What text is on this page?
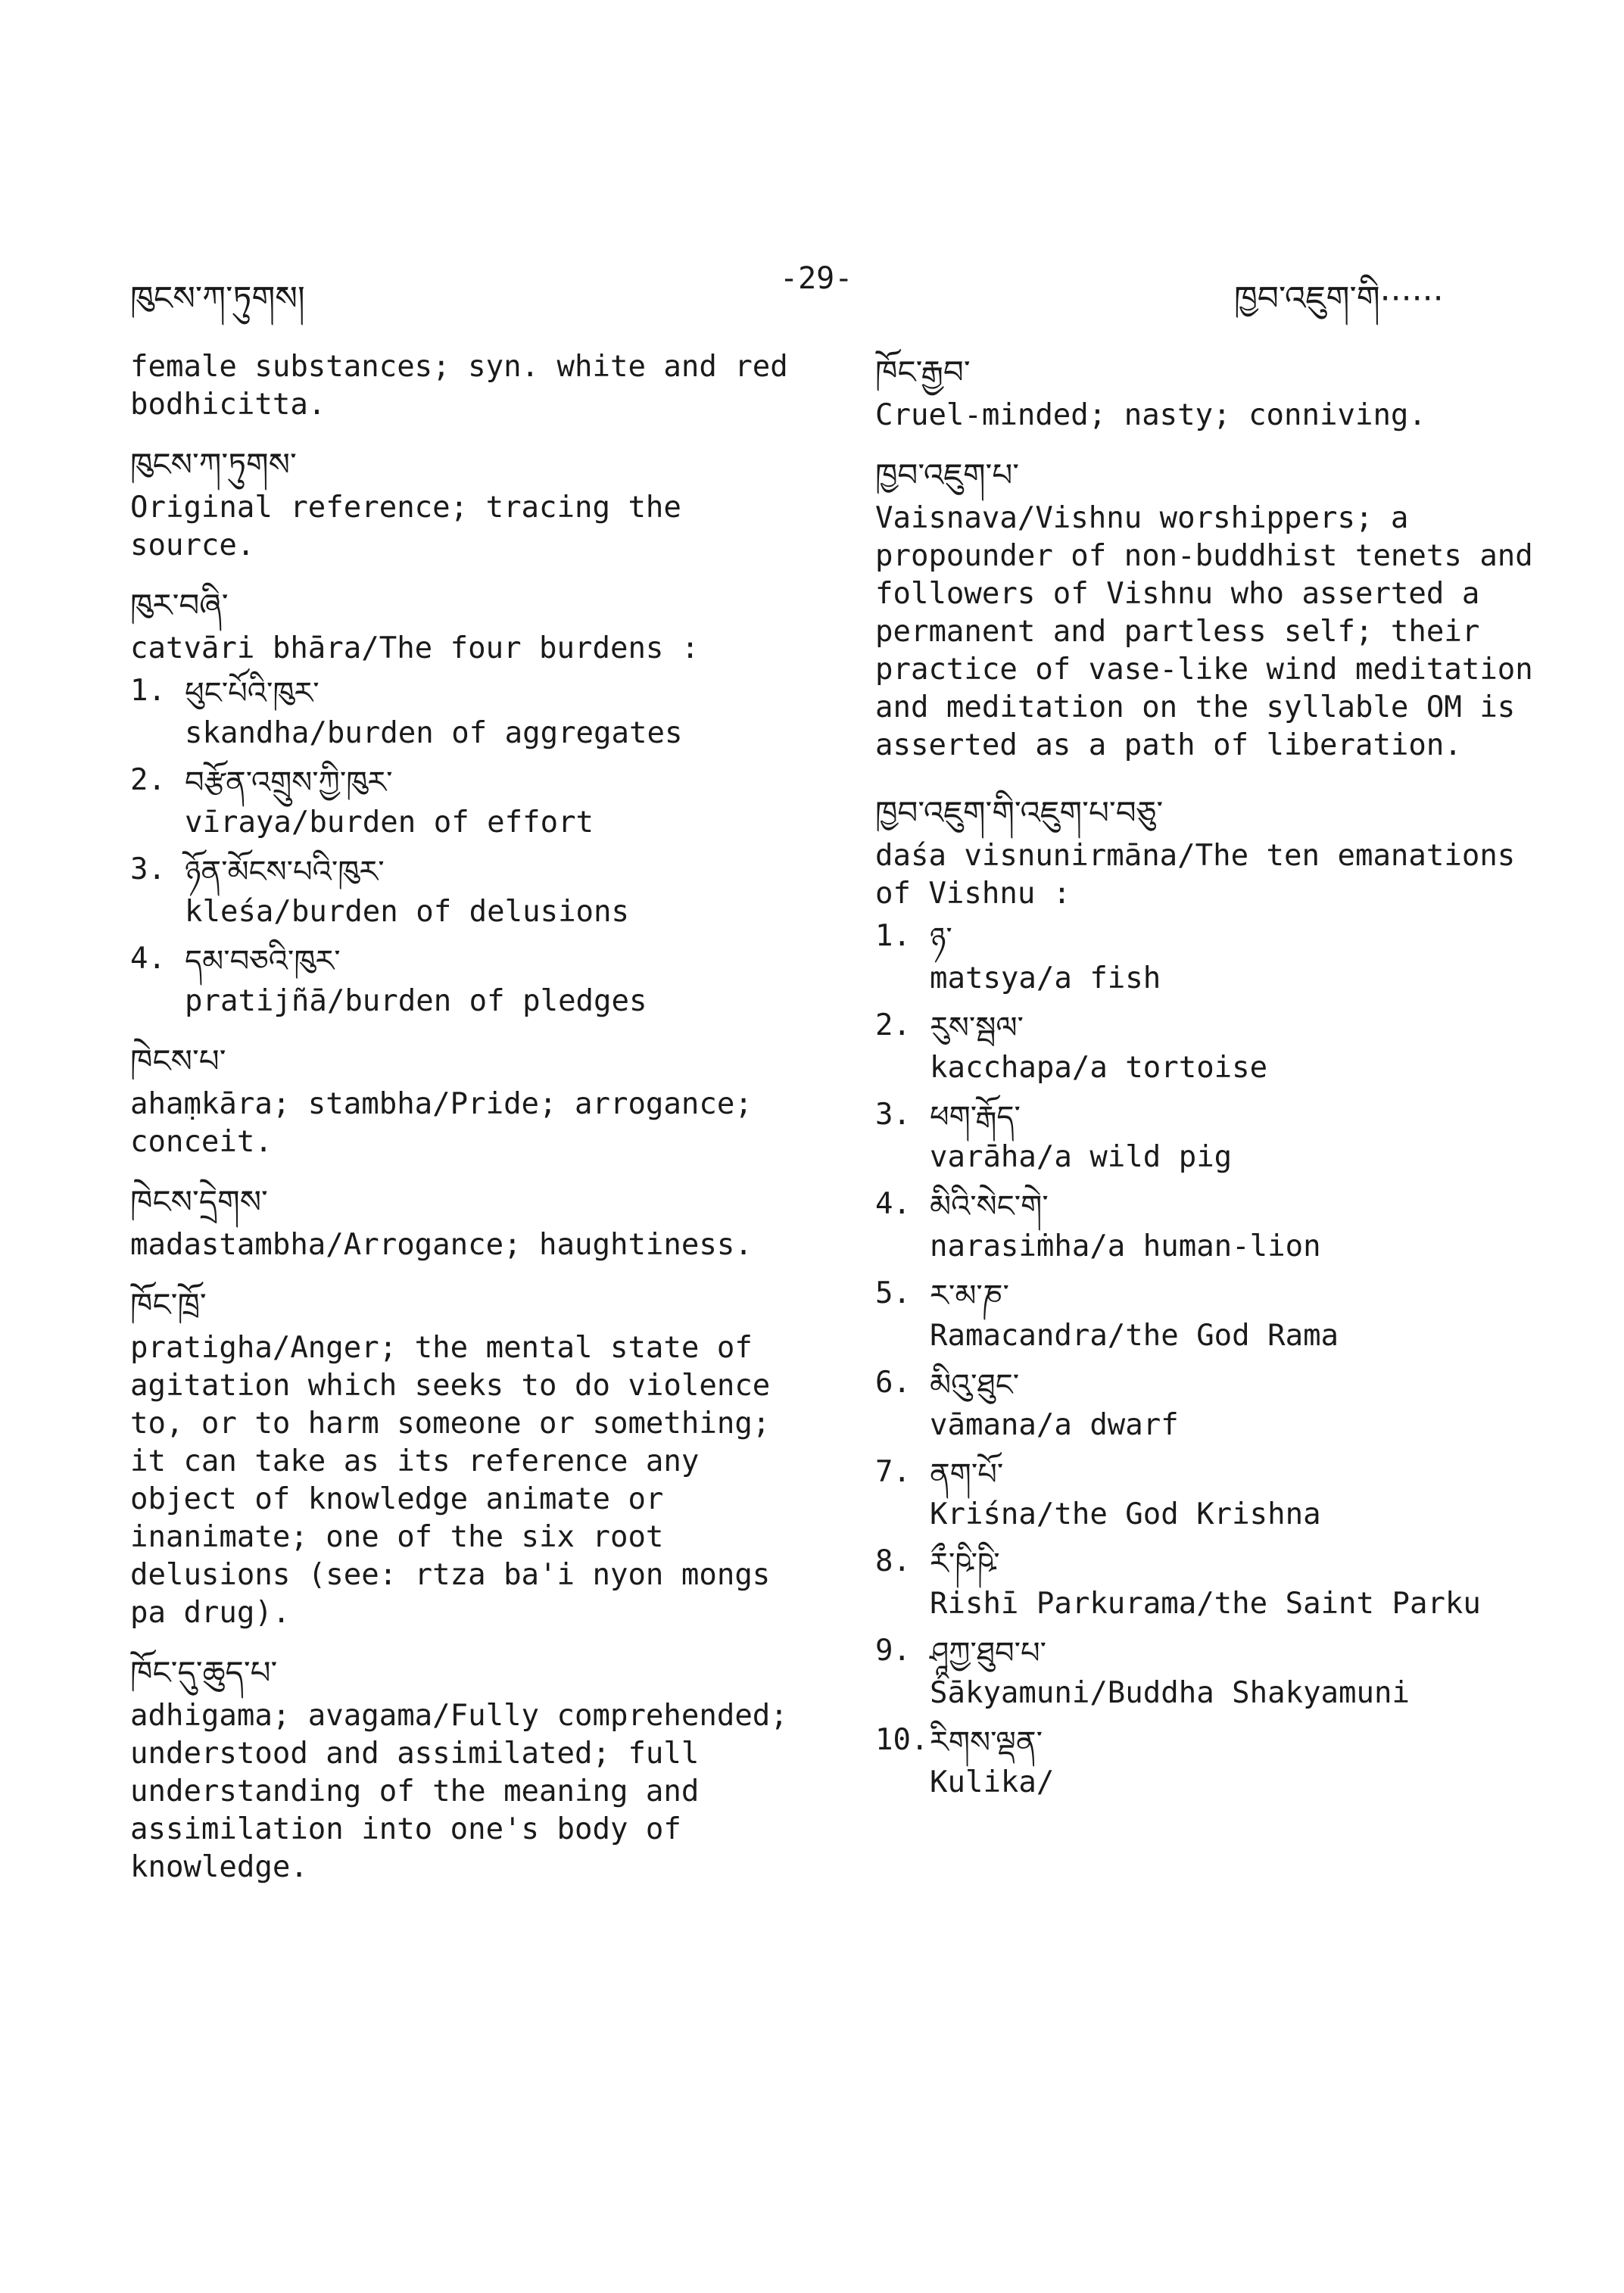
ཁུངས་ཀ་ཏུགས།
-29-
ཁྱབ་འཇུག་གི······
female substances; syn. white and red bodhicitta.
ཁུངས་ཀ་ཏུགས་
Original reference; tracing the source.
ཁུར་བཞི་
catvāri bhāra/The four burdens :
1. ཕུང་པོའི་ཁུར་
skandha/burden of aggregates
2. བརྩོན་འགྲུས་ཀྱི་ཁུར་
vīraya/burden of effort
3. ཉོན་མོངས་པའི་ཁུར་
kleśa/burden of delusions
4. དམ་བཅའི་ཁུར་
pratijñā/burden of pledges
ཁེངས་པ་
ahaṃkāra; stambha/Pride; arrogance; conceit.
ཁེངས་དྲེགས་
madastambha/Arrogance; haughtiness.
ཁོང་ཁྲོ་
pratigha/Anger; the mental state of agitation which seeks to do violence to, or to harm someone or something; it can take as its reference any object of knowledge animate or inanimate; one of the six root delusions (see: rtza ba'i nyon mongs pa drug).
ཁོང་དུ་ཆུད་པ་
adhigama; avagama/Fully comprehended; understood and assimilated; full understanding of the meaning and assimilation into one's body of knowledge.
ཁོང་རྒྱབ་
Cruel-minded; nasty; conniving.
ཁྱབ་འཇུག་པ་
Vaisnava/Vishnu worshippers; a propounder of non-buddhist tenets and followers of Vishnu who asserted a permanent and partless self; their practice of vase-like wind meditation and meditation on the syllable OM is asserted as a path of liberation.
ཁྱབ་འཇུག་གི་འཇུག་པ་བཅུ་
daśa visnunirmāna/The ten emanations of Vishnu :
1. ཉ་
matsya/a fish
2. རུས་སྦལ་
kacchapa/a tortoise
3. ཕག་རྒོད་
varāha/a wild pig
4. མིའི་སེང་གེ་
narasiṁha/a human-lion
5. ར་མ་ཎ་
Ramacandra/the God Rama
6. མིའུ་ཐུང་
vāmana/a dwarf
7. ནག་པོ་
Kriśna/the God Krishna
8. རྀ་ཥི་ཥི་
Rishī Parkurama/the Saint Parku
9. ཤཱཀྱ་ཐུབ་པ་
Śākyamuni/Buddha Shakyamuni
10. རིགས་ལྡན་
Kulika/
